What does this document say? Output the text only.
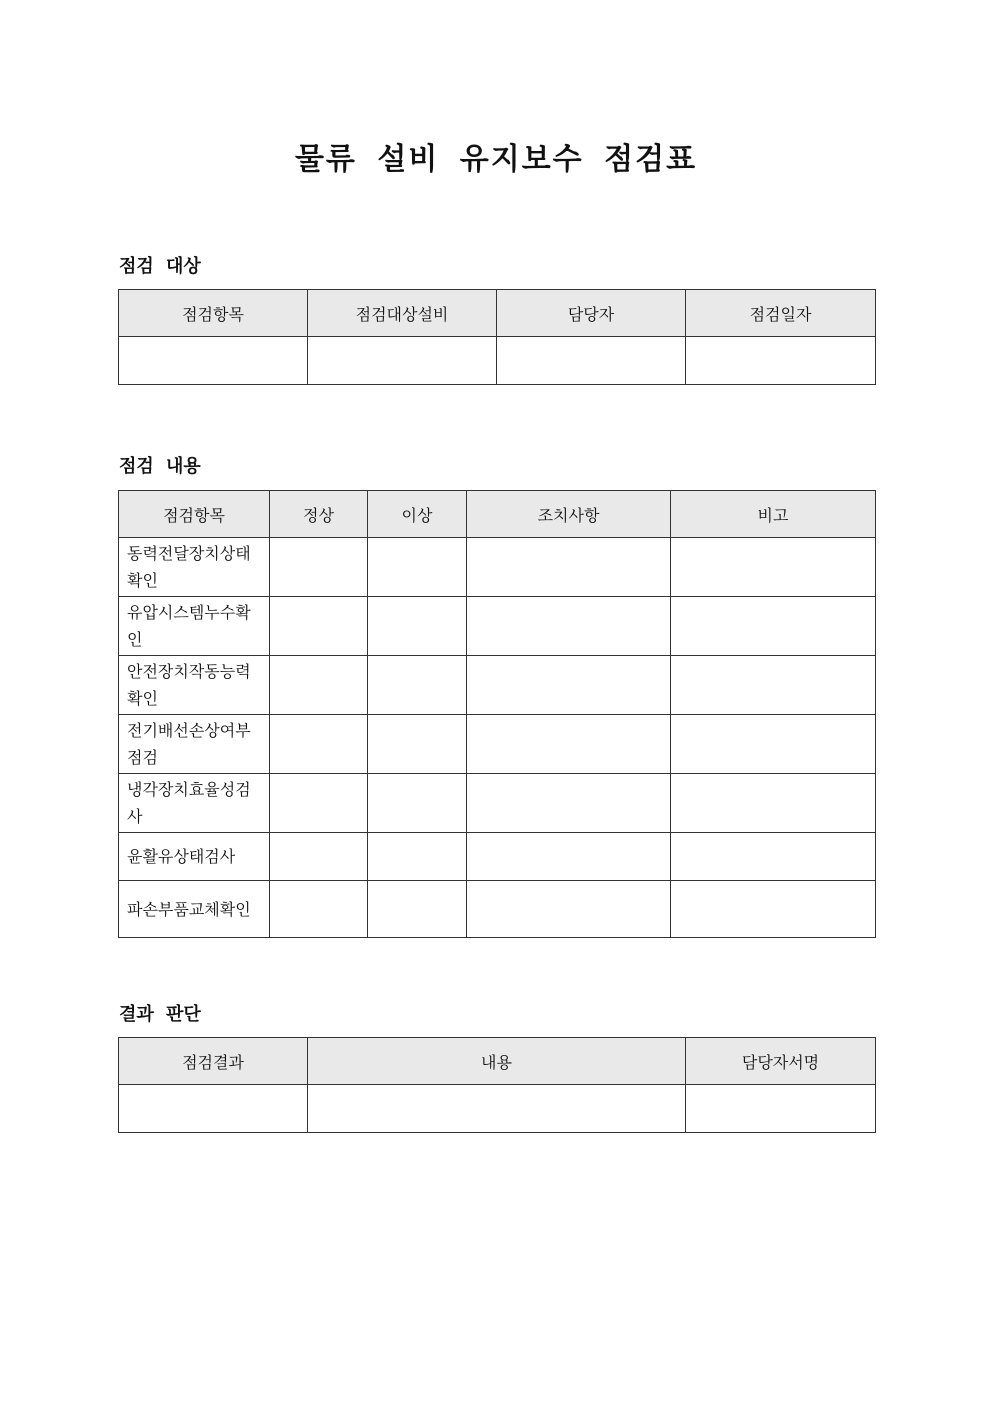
물류 설비 유지보수 점검표
점검 대상
점검항목	점검대상설비	담당자	점검일자

점검 내용
점검항목	정상	이상	조치사항	비고
동력전달장치상태확인				
유압시스템누수확인				
안전장치작동능력확인				
전기배선손상여부점검				
냉각장치효율성검사				
윤활유상태검사				
파손부품교체확인				
결과 판단
점검결과	내용	담당자서명
